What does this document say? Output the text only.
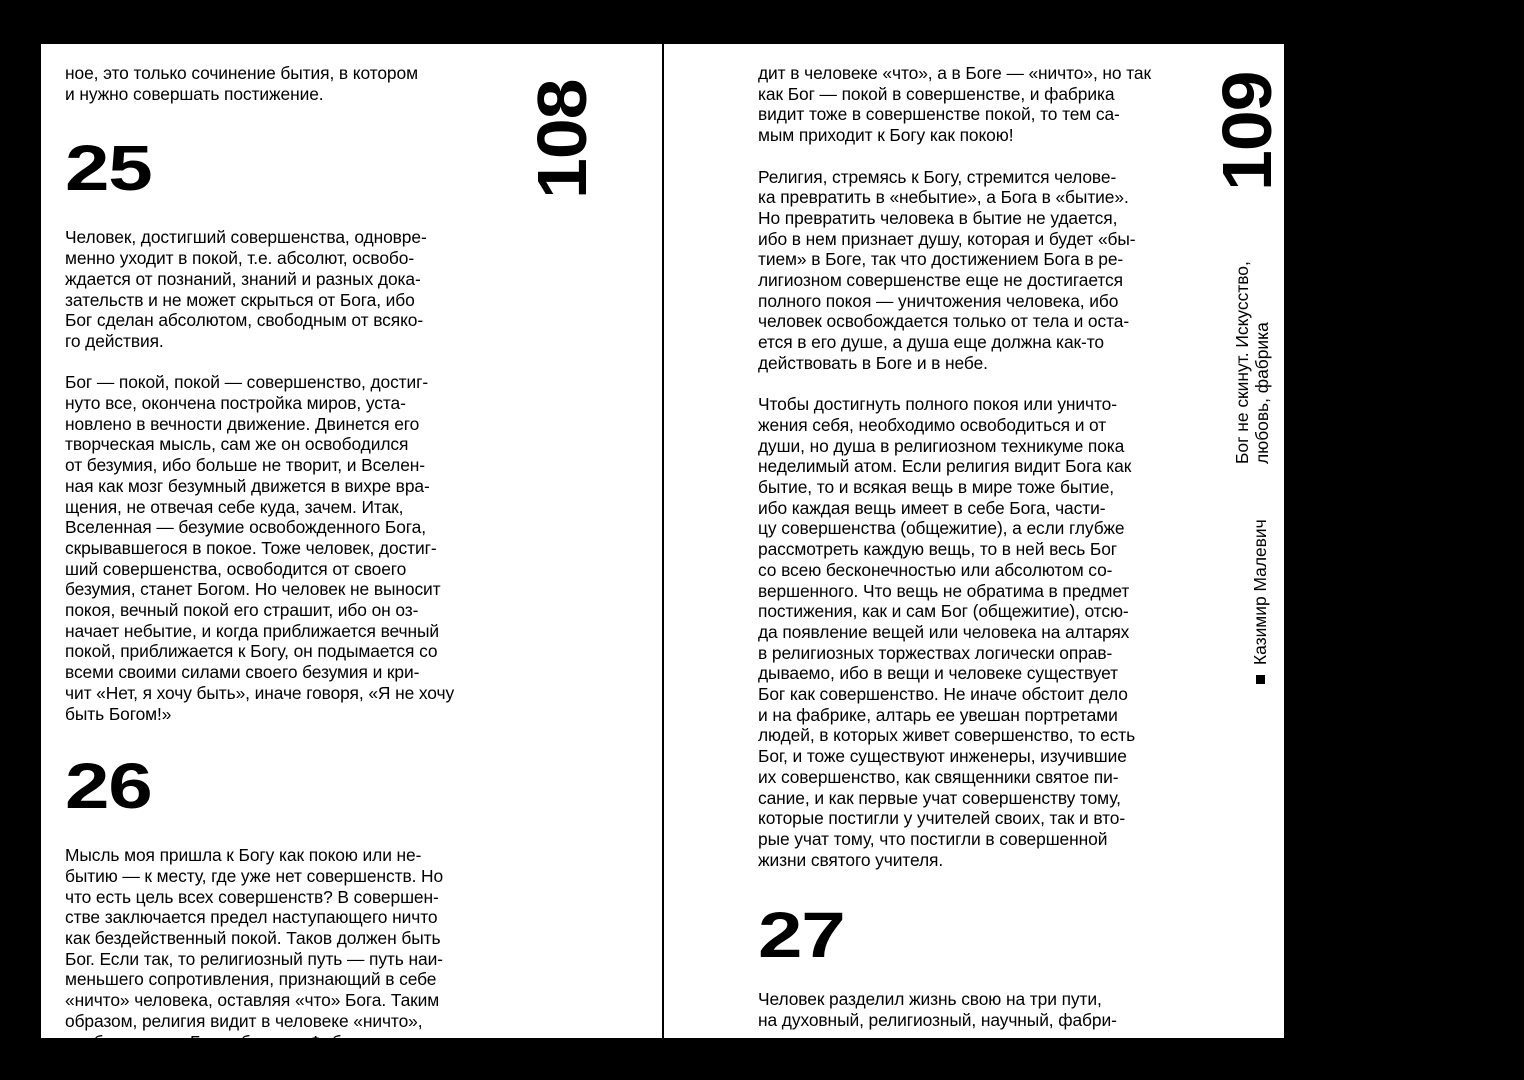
ное, это только сочинение бытия, в котором
и нужно совершать постижение.

25

Человек, достигший совершенства, одновре-
менно уходит в покой, т.е. абсолют, освобо-
ждается от познаний, знаний и разных дока-
зательств и не может скрыться от Бога, ибо
Бог сделан абсолютом, свободным от всяко-
го действия.

Бог — покой, покой — совершенство, достиг-
нуто все, окончена постройка миров, уста-
новлено в вечности движение. Двинется его
творческая мысль, сам же он освободился
от безумия, ибо больше не творит, и Вселен-
ная как мозг безумный движется в вихре вра-
щения, не отвечая себе куда, зачем. Итак,
Вселенная — безумие освобожденного Бога,
скрывавшегося в покое. Тоже человек, достиг-
ший совершенства, освободится от своего
безумия, станет Богом. Но человек не выносит
покоя, вечный покой его страшит, ибо он оз-
начает небытие, и когда приближается вечный
покой, приближается к Богу, он подымается со
всеми своими силами своего безумия и кри-
чит «Нет, я хочу быть», иначе говоря, «Я не хочу
быть Богом!»

26

Мысль моя пришла к Богу как покою или не-
бытию — к месту, где уже нет совершенств. Но
что есть цель всех совершенств? В совершен-
стве заключается предел наступающего ничто
как бездейственный покой. Таков должен быть
Бог. Если так, то религиозный путь — путь наи-
меньшего сопротивления, признающий в себе
«ничто» человека, оставляя «что» Бога. Таким
образом, религия видит в человеке «ничто»,
«небытие», а в Боге «бытие». Фабрика же ви-

108

дит в человеке «что», а в Боге — «ничто», но так
как Бог — покой в совершенстве, и фабрика
видит тоже в совершенстве покой, то тем са-
мым приходит к Богу как покою!

Религия, стремясь к Богу, стремится челове-
ка превратить в «небытие», а Бога в «бытие».
Но превратить человека в бытие не удается,
ибо в нем признает душу, которая и будет «бы-
тием» в Боге, так что достижением Бога в ре-
лигиозном совершенстве еще не достигается
полного покоя — уничтожения человека, ибо
человек освобождается только от тела и оста-
ется в его душе, а душа еще должна как-то
действовать в Боге и в небе.

Чтобы достигнуть полного покоя или уничто-
жения себя, необходимо освободиться и от
души, но душа в религиозном техникуме пока
неделимый атом. Если религия видит Бога как
бытие, то и всякая вещь в мире тоже бытие,
ибо каждая вещь имеет в себе Бога, части-
цу совершенства (общежитие), а если глубже
рассмотреть каждую вещь, то в ней весь Бог
со всею бесконечностью или абсолютом со-
вершенного. Что вещь не обратима в предмет
постижения, как и сам Бог (общежитие), отсю-
да появление вещей или человека на алтарях
в религиозных торжествах логически оправ-
дываемо, ибо в вещи и человеке существует
Бог как совершенство. Не иначе обстоит дело
и на фабрике, алтарь ее увешан портретами
людей, в которых живет совершенство, то есть
Бог, и тоже существуют инженеры, изучившие
их совершенство, как священники святое пи-
сание, и как первые учат совершенству тому,
которые постигли у учителей своих, так и вто-
рые учат тому, что постигли в совершенной
жизни святого учителя.

27

Человек разделил жизнь свою на три пути,
на духовный, религиозный, научный, фабри-

109
Бог не скинут. Искусство, любовь, фабрика
Казимир Малевич
